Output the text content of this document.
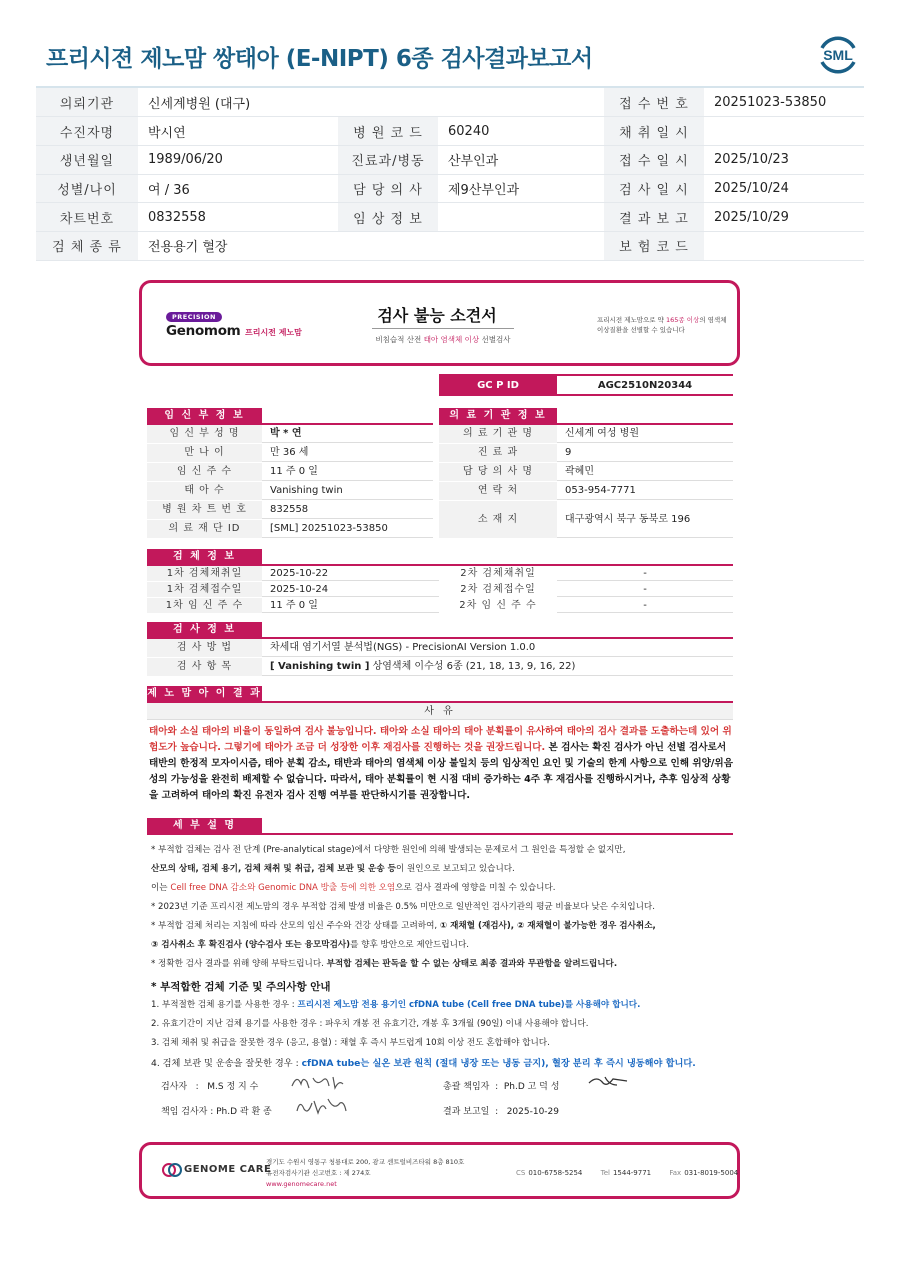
프리시젼 제노맘 쌍태아 (E-NIPT) 6종 검사결과보고서	SML
의뢰기관	신세계병원 (대구)			접 수 번 호	20251023-53850
수진자명	박시연	병 원 코 드	60240	채 취 일 시	
생년월일	1989/06/20	진료과/병동	산부인과	접 수 일 시	2025/10/23
성별/나이	여 / 36	담 당 의 사	제9산부인과	검 사 일 시	2025/10/24
차트번호	0832558	임 상 정 보		결 과 보 고	2025/10/29
검 체 종 류	전용용기 혈장			보 험 코 드	
PRECISION
Genomom 프리시전 제노맘
검사 불능 소견서
비침습적 산전 태아 염색체 이상 선별검사
프리시전 제노맘으로 약 165종 이상의 염색체 이상질환을 선별할 수 있습니다
GC P ID	AGC2510N20344
임 신 부 정 보	의 료 기 관 정 보
임 신 부 성 명	박 * 연
만 나 이	만 36 세
임 신 주 수	11 주 0 일
태 아 수	Vanishing twin
병 원 차 트 번 호	832558
의 료 재 단 ID	[SML] 20251023-53850
의 료 기 관 명	신세계 여성 병원
진 료 과	9
담 당 의 사 명	곽혜민
연 락 처	053-954-7771
소 재 지	대구광역시 북구 동북로 196
검 체 정 보
1차 검체채취일	2025-10-22	2차 검체채취일	-
1차 검체접수일	2025-10-24	2차 검체접수일	-
1차 임 신 주 수	11 주 0 일	2차 임 신 주 수	-
검 사 정 보
검 사 방 법	차세대 염기서열 분석법(NGS) - PrecisionAI Version 1.0.0
검 사 항 목	[ Vanishing twin ] 상염색체 이수성 6종 (21, 18, 13, 9, 16, 22)
제 노 맘 아 이 결 과
사 유
태아와 소실 태아의 비율이 동일하여 검사 불능입니다. 태아와 소실 태아의 태아 분획률이 유사하여 태아의 검사 결과를 도출하는데 있어 위험도가 높습니다. 그렇기에 태아가 조금 더 성장한 이후 재검사를 진행하는 것을 권장드립니다. 본 검사는 확진 검사가 아닌 선별 검사로서 태반의 한정적 모자이시즘, 태아 분획 감소, 태반과 태아의 염색체 이상 불일치 등의 임상적인 요인 및 기술의 한계 사항으로 인해 위양/위음성의 가능성을 완전히 배제할 수 없습니다. 따라서, 태아 분획률이 현 시점 대비 증가하는 4주 후 재검사를 진행하시거나, 추후 임상적 상황을 고려하여 태아의 확진 유전자 검사 진행 여부를 판단하시기를 권장합니다.
세 부 설 명
* 부적합 검체는 검사 전 단계 (Pre-analytical stage)에서 다양한 원인에 의해 발생되는 문제로서 그 원인을 특정할 순 없지만,
산모의 상태, 검체 용기, 검체 채취 및 취급, 검체 보관 및 운송 등이 원인으로 보고되고 있습니다.
이는 Cell free DNA 감소와 Genomic DNA 방출 등에 의한 오염으로 검사 결과에 영향을 미칠 수 있습니다.
* 2023년 기준 프리시전 제노맘의 경우 부적합 검체 발생 비율은 0.5% 미만으로 일반적인 검사기관의 평균 비율보다 낮은 수치입니다.
* 부적합 검체 처리는 지침에 따라 산모의 임신 주수와 건강 상태를 고려하여, ① 재채혈 (재검사), ② 재채혈이 불가능한 경우 검사취소,
③ 검사취소 후 확진검사 (양수검사 또는 융모막검사)를 향후 방안으로 제안드립니다.
* 정확한 검사 결과를 위해 양해 부탁드립니다. 부적합 검체는 판독을 할 수 없는 상태로 최종 결과와 무관함을 알려드립니다.
* 부적합한 검체 기준 및 주의사항 안내
1. 부적절한 검체 용기를 사용한 경우 : 프리시전 제노맘 전용 용기인 cfDNA tube (Cell free DNA tube)를 사용해야 합니다.
2. 유효기간이 지난 검체 용기를 사용한 경우 : 파우치 개봉 전 유효기간, 개봉 후 3개월 (90일) 이내 사용해야 합니다.
3. 검체 채취 및 취급을 잘못한 경우 (응고, 용혈) : 채혈 후 즉시 부드럽게 10회 이상 전도 혼합해야 합니다.
4. 검체 보관 및 운송을 잘못한 경우 : cfDNA tube는 실온 보관 원칙 (절대 냉장 또는 냉동 금지), 혈장 분리 후 즉시 냉동해야 합니다.
검사자   :   M.S 정 지 수	총괄 책임자  :  Ph.D 고 덕 성
책임 검사자 : Ph.D 곽 환 종	결과 보고일  :   2025-10-29
GENOME CARE
경기도 수원시 영통구 청룡대로 200, 광교 센트럴비즈타워 8층 810호
유전자검사기관 신고번호 : 제 274호
www.genomecare.net
CS 010-6758-5254	Tel 1544-9771	Fax 031-8019-5004
